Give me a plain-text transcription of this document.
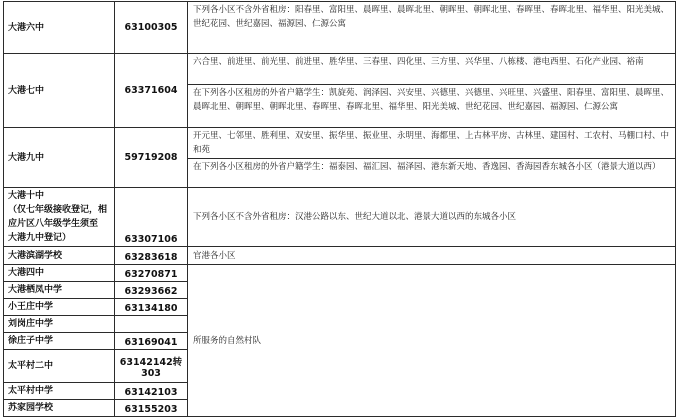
大港六中	63100305	下列各小区不含外省租房：阳春里、富阳里、晨晖里、晨晖北里、朝晖里、朝晖北里、春晖里、春晖北里、福华里、阳光美城、世纪花园、世纪嘉园、福源园、仁源公寓
大港七中	63371604	六合里、前进里、前光里、前进里、胜华里、三春里、四化里、三方里、兴华里、八栋楼、港电西里、石化产业园、裕南
在下列各小区租房的外省户籍学生：凯旋苑、润泽园、兴安里、兴德里、兴德里、兴旺里、兴盛里、阳春里、富阳里、晨晖里、晨晖北里、朝晖里、朝晖北里、春晖里、春晖北里、福华里、阳光美城、世纪花园、世纪嘉园、福源园、仁源公寓

大港九中	59719208	开元里、七邻里、胜利里、双安里、振华里、振业里、永明里、海都里、上古林平房、古林里、建国村、工农村、马棚口村、中和苑
在下列各小区租房的外省户籍学生：福泰园、福汇园、福泽园、港东新天地、香逸园、香海园香东城各小区（港景大道以西）

大港十中
（仅七年级接收登记，相
应片区八年级学生须至
大港九中登记）	63307106	下列各小区不含外省租房：汉港公路以东、世纪大道以北、港景大道以西的东城各小区
大港滨湖学校	63283618	官港各小区
大港四中	63270871	所服务的自然村队
大港栖凤中学	63293662	
小王庄中学	63134180	
刘岗庄中学		
徐庄子中学	63169041	
太平村二中	63142142转303	
太平村中学	63142103	
苏家园学校	63155203	
